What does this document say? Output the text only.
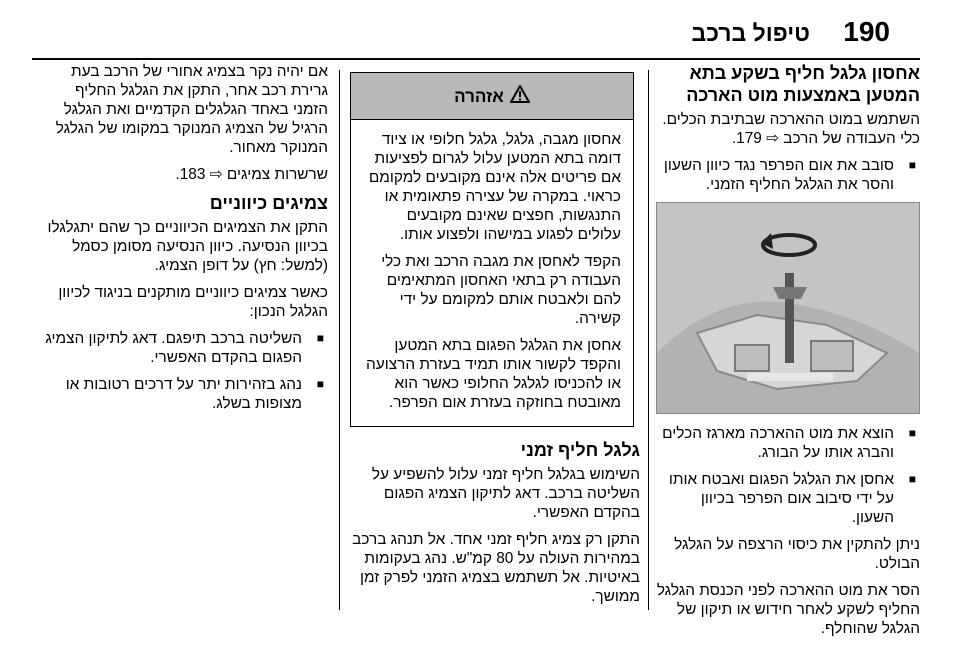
190
טיפול ברכב
אחסון גלגל חליף בשקע בתא המטען באמצעות מוט הארכה

השתמש במוט ההארכה שבתיבת הכלים. כלי העבודה של הרכב ⇨ 179.

■ סובב את אום הפרפר נגד כיוון השעון והסר את הגלגל החליף הזמני.
■ הוצא את מוט ההארכה מארגז הכלים והברג אותו על הבורג.
■ אחסן את הגלגל הפגום ואבטח אותו על ידי סיבוב אום הפרפר בכיוון השעון.

ניתן להתקין את כיסוי הרצפה על הגלגל הבולט.

הסר את מוט ההארכה לפני הכנסת הגלגל החליף לשקע לאחר חידוש או תיקון של הגלגל שהוחלף.

אזהרה

אחסון מגבה, גלגל, גלגל חלופי או ציוד דומה בתא המטען עלול לגרום לפציעות אם פריטים אלה אינם מקובעים למקומם כראוי. במקרה של עצירה פתאומית או התנגשות, חפצים שאינם מקובעים עלולים לפגוע במישהו ולפצוע אותו.

הקפד לאחסן את מגבה הרכב ואת כלי העבודה רק בתאי האחסון המתאימים להם ולאבטח אותם למקומם על ידי קשירה.

אחסן את הגלגל הפגום בתא המטען והקפד לקשור אותו תמיד בעזרת הרצועה או להכניסו לגלגל החלופי כאשר הוא מאובטח בחוזקה בעזרת אום הפרפר.

גלגל חליף זמני

השימוש בגלגל חליף זמני עלול להשפיע על השליטה ברכב. דאג לתיקון הצמיג הפגום בהקדם האפשרי.

התקן רק צמיג חליף זמני אחד. אל תנהג ברכב במהירות העולה על 80 קמ"ש. נהג בעקומות באיטיות. אל תשתמש בצמיג הזמני לפרק זמן ממושך.

אם יהיה נקר בצמיג אחורי של הרכב בעת גרירת רכב אחר, התקן את הגלגל החליף הזמני באחד הגלגלים הקדמיים ואת הגלגל הרגיל של הצמיג המנוקר במקומו של הגלגל המנוקר מאחור.

שרשרות צמיגים ⇨ 183.

צמיגים כיווניים

התקן את הצמיגים הכיווניים כך שהם יתגלגלו בכיוון הנסיעה. כיוון הנסיעה מסומן כסמל (למשל: חץ) על דופן הצמיג.

כאשר צמיגים כיווניים מותקנים בניגוד לכיוון הגלגל הנכון:

■ השליטה ברכב תיפגם. דאג לתיקון הצמיג הפגום בהקדם האפשרי.
■ נהג בזהירות יתר על דרכים רטובות או מצופות בשלג.
